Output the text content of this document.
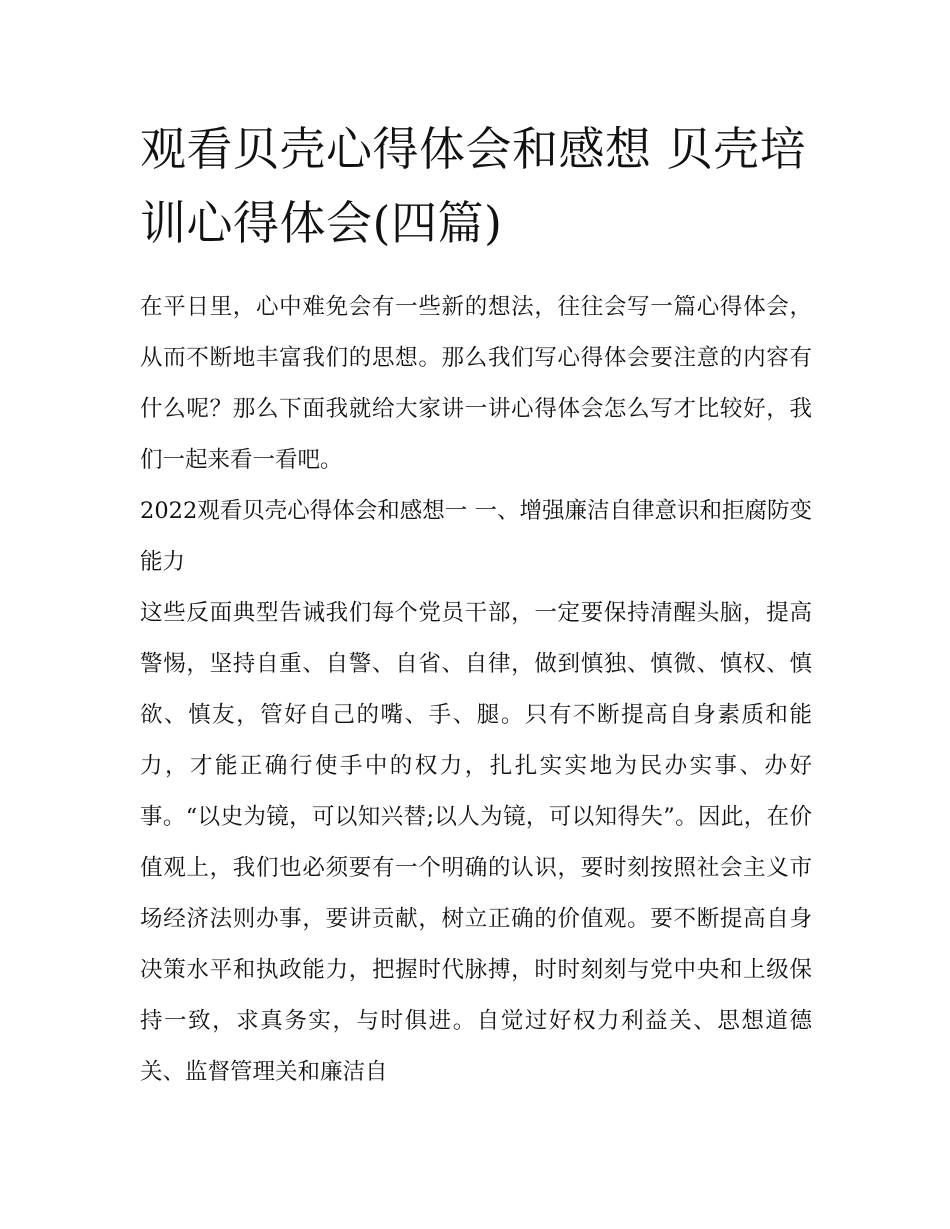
观看贝壳心得体会和感想 贝壳培训心得体会(四篇)

在平日里，心中难免会有一些新的想法，往往会写一篇心得体会，从而不断地丰富我们的思想。那么我们写心得体会要注意的内容有什么呢？那么下面我就给大家讲一讲心得体会怎么写才比较好，我们一起来看一看吧。

2022观看贝壳心得体会和感想一 一、增强廉洁自律意识和拒腐防变能力

这些反面典型告诫我们每个党员干部，一定要保持清醒头脑，提高警惕，坚持自重、自警、自省、自律，做到慎独、慎微、慎权、慎欲、慎友，管好自己的嘴、手、腿。只有不断提高自身素质和能力，才能正确行使手中的权力，扎扎实实地为民办实事、办好事。“以史为镜，可以知兴替;以人为镜，可以知得失”。因此，在价值观上，我们也必须要有一个明确的认识，要时刻按照社会主义市场经济法则办事，要讲贡献，树立正确的价值观。要不断提高自身决策水平和执政能力，把握时代脉搏，时时刻刻与党中央和上级保持一致，求真务实，与时俱进。自觉过好权力利益关、思想道德关、监督管理关和廉洁自
